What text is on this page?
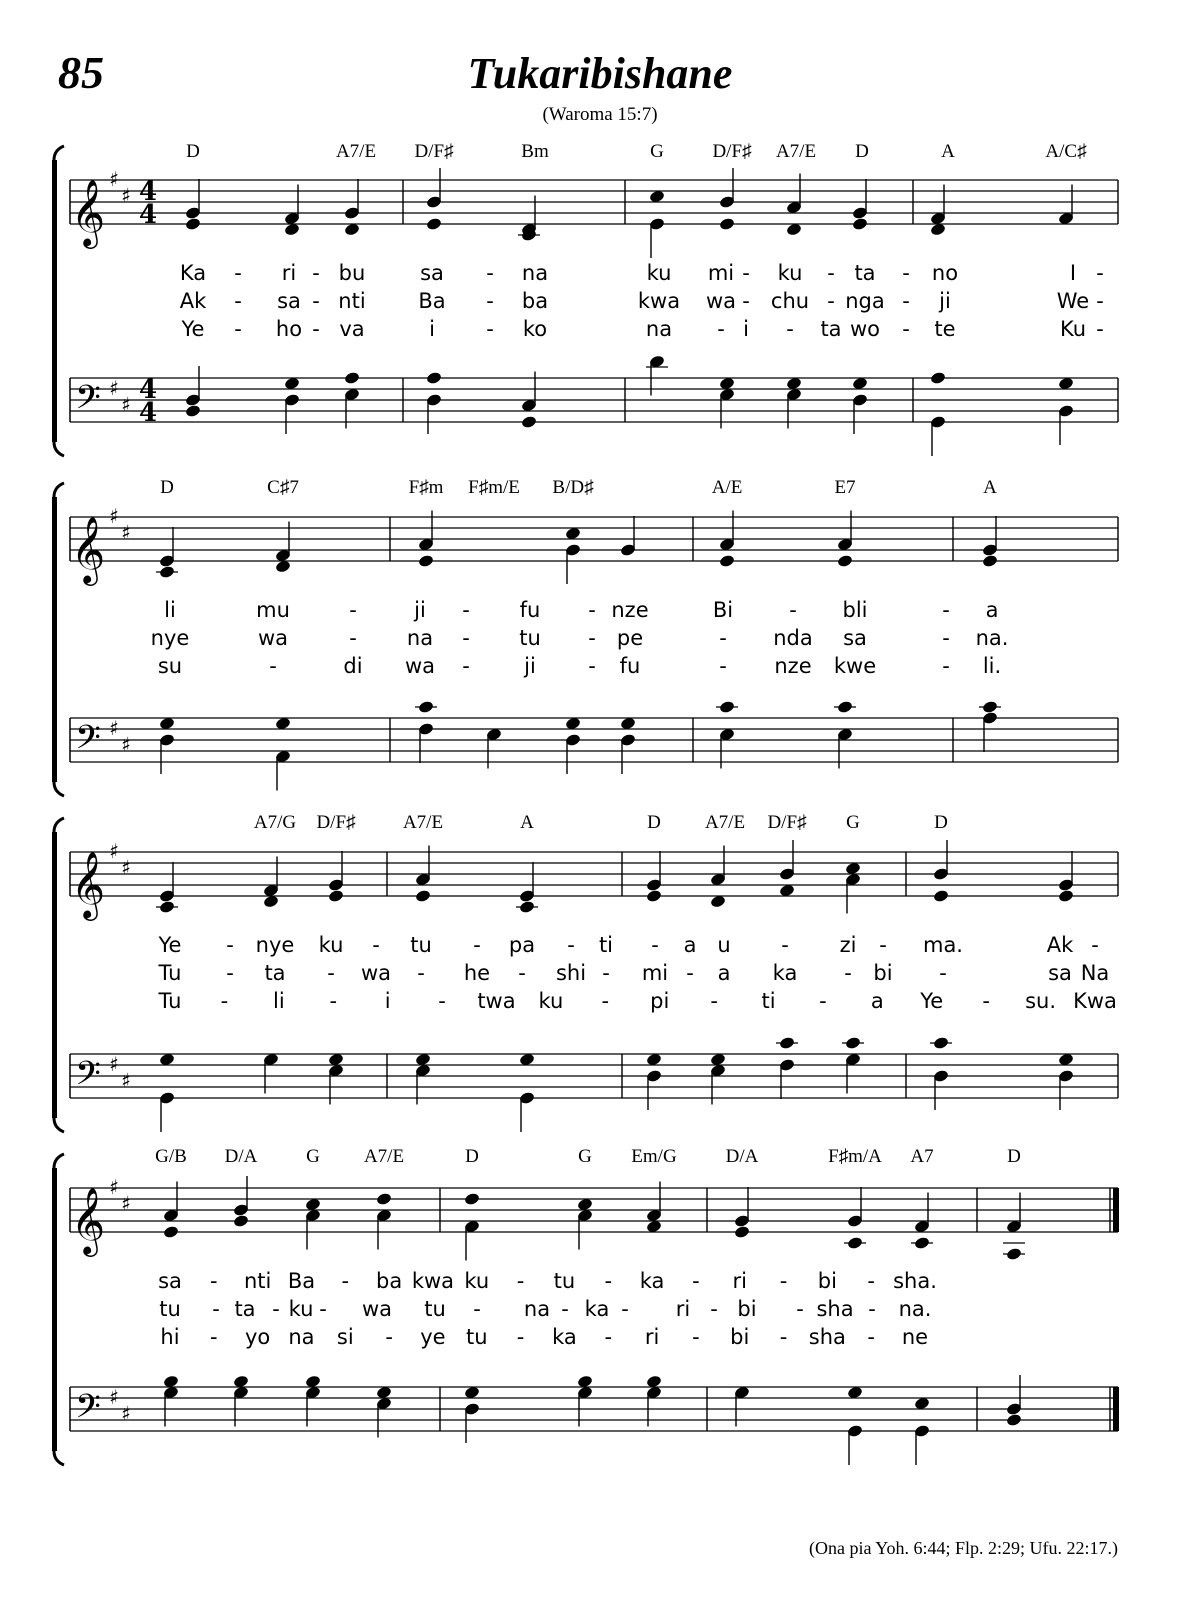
85	Tukaribishane
(Waroma 15:7)
𝄞 ♯
♯ 4
4
𝄢 ♯
♯ 4
4
D	A7/E D/F♯	Bm	G	D/F♯ A7/E D	A	A/C♯
Ka - ri - bu	sa - na	ku mi - ku - ta - no	I -
Ak - sa - nti	Ba - ba	kwa wa - chu - nga - ji	We -
Ye - ho - va	i - ko	na - i - ta wo - te	Ku -
𝄞 ♯
♯
𝄢 ♯
♯
D	C♯7	F♯m F♯m/E B/D♯	A/E	E7	A
li	mu	-	ji - fu - nze	Bi	- bli	- a
nye	wa	- na - tu - pe	- nda sa	- na.
su	-	di wa -	ji - fu	- nze kwe	- li.
𝄞 ♯
♯
𝄢 ♯
♯
A7/G D/F♯ A7/E	A	D A7/E D/F♯ G	D
Ye - nye ku - tu - pa - ti - a u - zi - ma.	Ak -
Tu - ta - wa - he - shi - mi - a ka - bi -	sa Na
Tu - li - i - twa ku - pi - ti - a Ye - su. Kwa
𝄞 ♯
♯
𝄢 ♯
♯
G/B D/A	G A7/E	D	G Em/G	D/A	F♯m/A A7	D
sa - nti Ba - ba kwa ku - tu - ka - ri - bi - sha.
tu - ta - ku - wa tu - na - ka - ri - bi - sha - na.
hi - yo na si - ye tu - ka - ri - bi - sha - ne
(Ona pia Yoh. 6:44; Flp. 2:29; Ufu. 22:17.)
